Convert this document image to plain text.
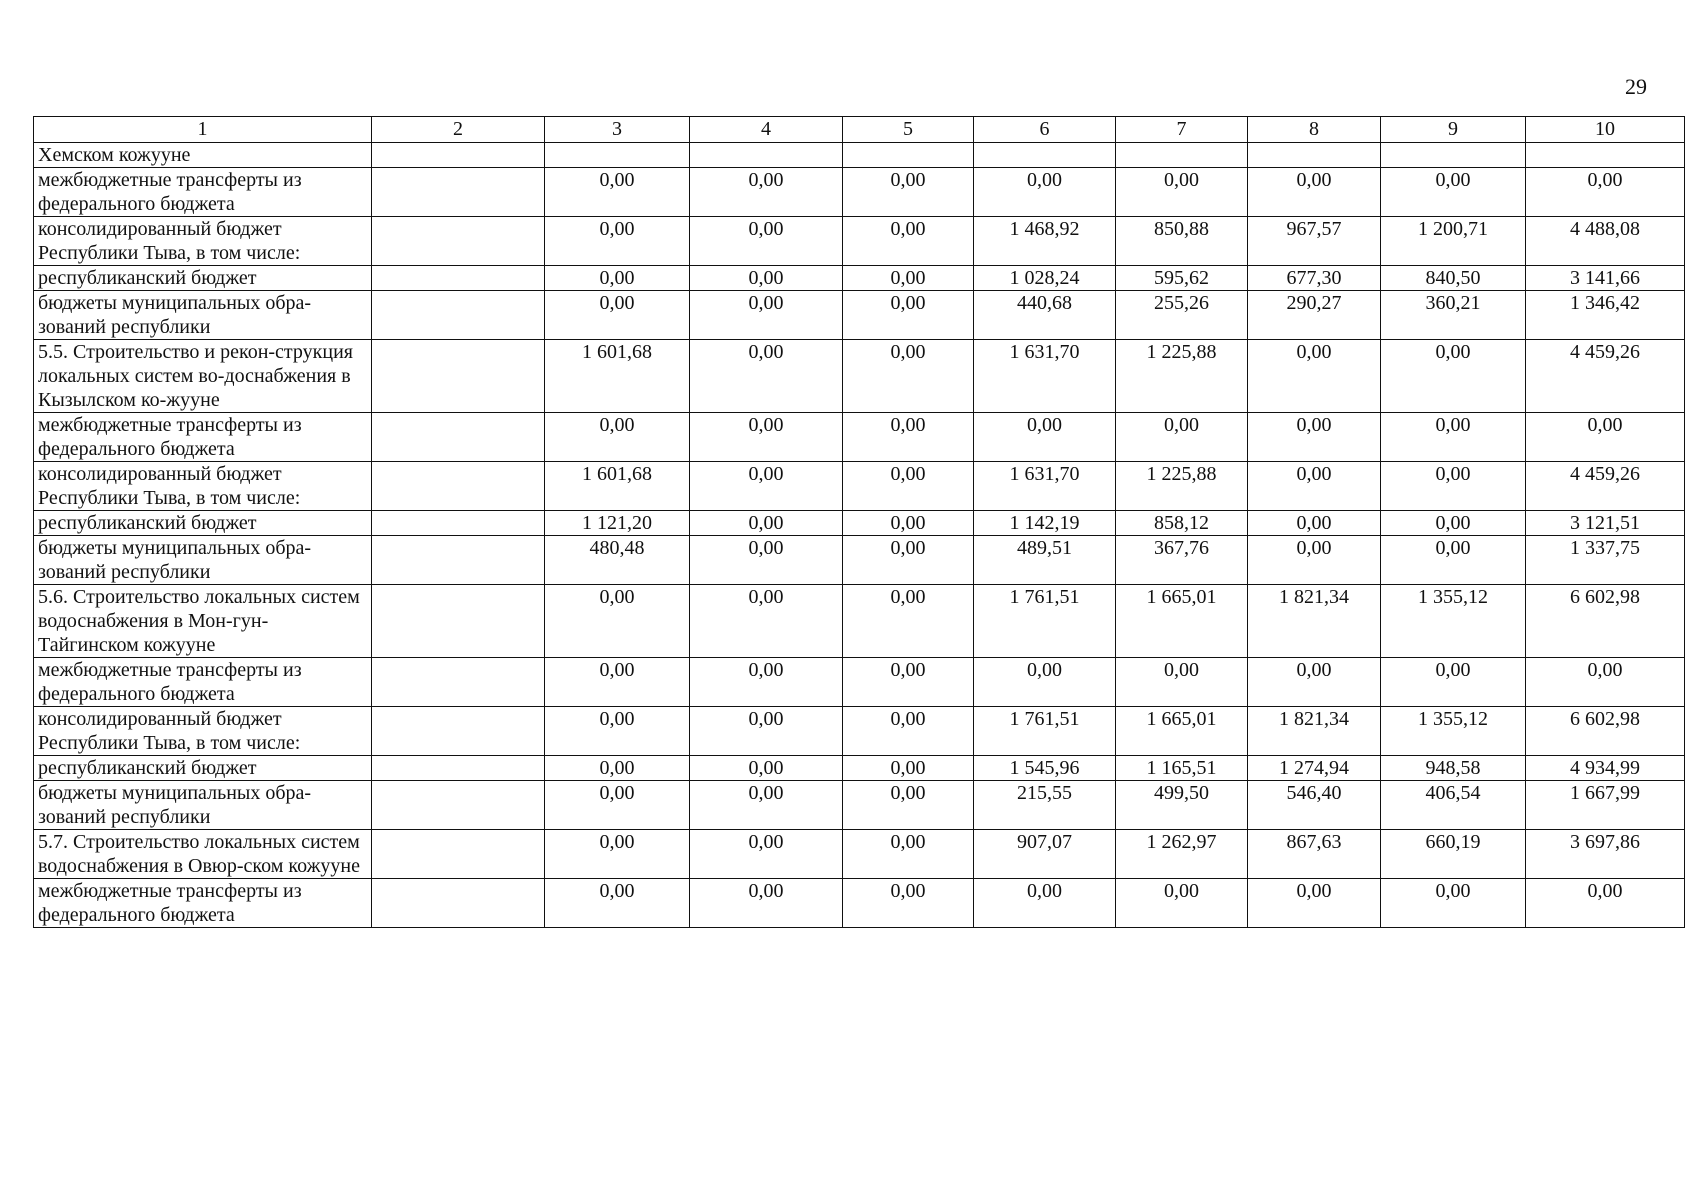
29
1	2	3	4	5	6	7	8	9	10
Хемском кожууне									
межбюджетные трансферты из федерального бюджета		0,00	0,00	0,00	0,00	0,00	0,00	0,00	0,00
консолидированный бюджет Республики Тыва, в том числе:		0,00	0,00	0,00	1 468,92	850,88	967,57	1 200,71	4 488,08
республиканский бюджет		0,00	0,00	0,00	1 028,24	595,62	677,30	840,50	3 141,66
бюджеты муниципальных обра-зований республики		0,00	0,00	0,00	440,68	255,26	290,27	360,21	1 346,42
5.5. Строительство и рекон-струкция локальных систем во-доснабжения в Кызылском ко-жууне		1 601,68	0,00	0,00	1 631,70	1 225,88	0,00	0,00	4 459,26
межбюджетные трансферты из федерального бюджета		0,00	0,00	0,00	0,00	0,00	0,00	0,00	0,00
консолидированный бюджет Республики Тыва, в том числе:		1 601,68	0,00	0,00	1 631,70	1 225,88	0,00	0,00	4 459,26
республиканский бюджет		1 121,20	0,00	0,00	1 142,19	858,12	0,00	0,00	3 121,51
бюджеты муниципальных обра-зований республики		480,48	0,00	0,00	489,51	367,76	0,00	0,00	1 337,75
5.6. Строительство локальных систем водоснабжения в Мон-гун-Тайгинском кожууне		0,00	0,00	0,00	1 761,51	1 665,01	1 821,34	1 355,12	6 602,98
межбюджетные трансферты из федерального бюджета		0,00	0,00	0,00	0,00	0,00	0,00	0,00	0,00
консолидированный бюджет Республики Тыва, в том числе:		0,00	0,00	0,00	1 761,51	1 665,01	1 821,34	1 355,12	6 602,98
республиканский бюджет		0,00	0,00	0,00	1 545,96	1 165,51	1 274,94	948,58	4 934,99
бюджеты муниципальных обра-зований республики		0,00	0,00	0,00	215,55	499,50	546,40	406,54	1 667,99
5.7. Строительство локальных систем водоснабжения в Овюр-ском кожууне		0,00	0,00	0,00	907,07	1 262,97	867,63	660,19	3 697,86
межбюджетные трансферты из федерального бюджета		0,00	0,00	0,00	0,00	0,00	0,00	0,00	0,00
